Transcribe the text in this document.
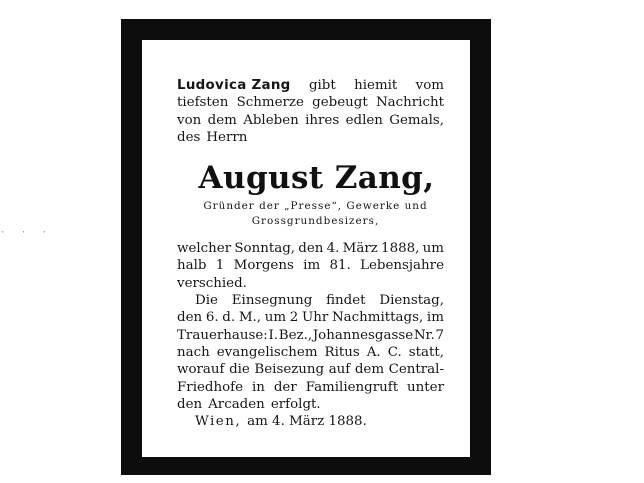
· · ·
Ludovica Zang gibt hiemit vom
tiefsten Schmerze gebeugt Nachricht
von dem Ableben ihres edlen Gemals,
des Herrn
August Zang,
Gründer der „Presse“, Gewerke und
Grossgrundbesizers,
welcher Sonntag, den 4. März 1888, um
halb 1 Morgens im 81. Lebensjahre
verschied.
Die Einsegnung findet Dienstag,
den 6. d. M., um 2 Uhr Nachmittags, im
Trauerhause: I. Bez., Johannesgasse Nr. 7
nach evangelischem Ritus A. C. statt,
worauf die Beisezung auf dem Central-
Friedhofe in der Familiengruft unter
den Arcaden erfolgt.
Wien, am 4. März 1888.
